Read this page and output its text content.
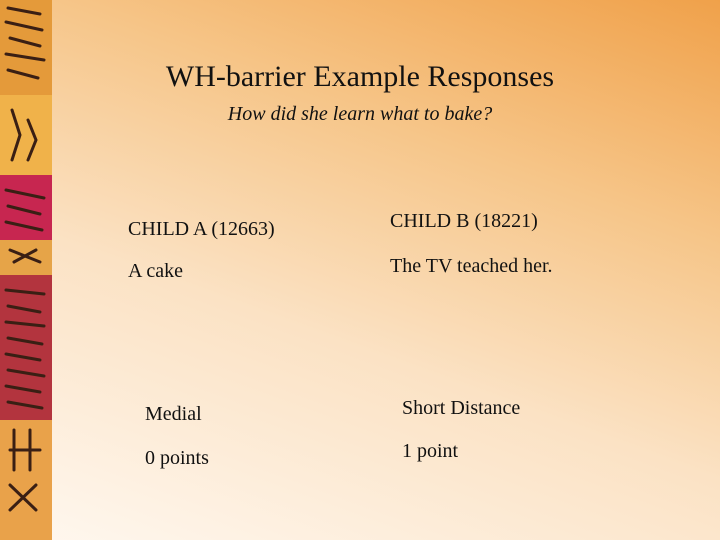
WH-barrier Example Responses
How did she learn what to bake?
CHILD A (12663)	CHILD B (18221)
A cake	The TV teached her.
Medial	Short Distance
0 points	1 point
